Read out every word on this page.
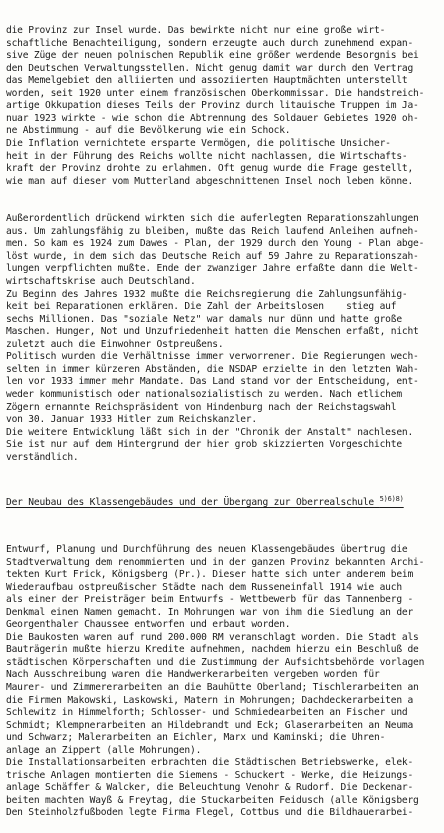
die Provinz zur Insel wurde. Das bewirkte nicht nur eine große wirt-
schaftliche Benachteiligung, sondern erzeugte auch durch zunehmend expan-
sive Züge der neuen polnischen Republik eine größer werdende Besorgnis bei
den Deutschen Verwaltungsstellen. Nicht genug damit war durch den Vertrag
das Memelgebiet den alliierten und assoziierten Hauptmächten unterstellt
worden, seit 1920 unter einem französischen Oberkommissar. Die handstreich-
artige Okkupation dieses Teils der Provinz durch litauische Truppen im Ja-
nuar 1923 wirkte - wie schon die Abtrennung des Soldauer Gebietes 1920 oh-
ne Abstimmung - auf die Bevölkerung wie ein Schock.
Die Inflation vernichtete ersparte Vermögen, die politische Unsicher-
heit in der Führung des Reichs wollte nicht nachlassen, die Wirtschafts-
kraft der Provinz drohte zu erlahmen. Oft genug wurde die Frage gestellt,
wie man auf dieser vom Mutterland abgeschnittenen Insel noch leben könne.

Außerordentlich drückend wirkten sich die auferlegten Reparationszahlungen
aus. Um zahlungsfähig zu bleiben, mußte das Reich laufend Anleihen aufneh-
men. So kam es 1924 zum Dawes - Plan, der 1929 durch den Young - Plan abge-
löst wurde, in dem sich das Deutsche Reich auf 59 Jahre zu Reparationszah-
lungen verpflichten mußte. Ende der zwanziger Jahre erfaßte dann die Welt-
wirtschaftskrise auch Deutschland.
Zu Beginn des Jahres 1932 mußte die Reichsregierung die Zahlungsunfähig-
keit bei Reparationen erklären. Die Zahl der Arbeitslosen    stieg auf
sechs Millionen. Das "soziale Netz" war damals nur dünn und hatte große
Maschen. Hunger, Not und Unzufriedenheit hatten die Menschen erfaßt, nicht
zuletzt auch die Einwohner Ostpreußens.
Politisch wurden die Verhältnisse immer verworrener. Die Regierungen wech-
selten in immer kürzeren Abständen, die NSDAP erzielte in den letzten Wah-
len vor 1933 immer mehr Mandate. Das Land stand vor der Entscheidung, ent-
weder kommunistisch oder nationalsozialistisch zu werden. Nach etlichem
Zögern ernannte Reichspräsident von Hindenburg nach der Reichstagswahl
von 30. Januar 1933 Hitler zum Reichskanzler.
Die weitere Entwicklung läßt sich in der "Chronik der Anstalt" nachlesen.
Sie ist nur auf dem Hintergrund der hier grob skizzierten Vorgeschichte
verständlich.

Der Neubau des Klassengebäudes und der Übergang zur Oberrealschule $^{5)6)8)}$

Entwurf, Planung und Durchführung des neuen Klassengebäudes übertrug die
Stadtverwaltung dem renommierten und in der ganzen Provinz bekannten Archi-
tekten Kurt Frick, Königsberg (Pr.). Dieser hatte sich unter anderem beim
Wiederaufbau ostpreußischer Städte nach dem Russeneinfall 1914 wie auch
als einer der Preisträger beim Entwurfs - Wettbewerb für das Tannenberg -
Denkmal einen Namen gemacht. In Mohrungen war von ihm die Siedlung an der
Georgenthaler Chaussee entworfen und erbaut worden.
Die Baukosten waren auf rund 200.000 RM veranschlagt worden. Die Stadt als
Bauträgerin mußte hierzu Kredite aufnehmen, nachdem hierzu ein Beschluß de
städtischen Körperschaften und die Zustimmung der Aufsichtsbehörde vorlagen
Nach Ausschreibung waren die Handwerkerarbeiten vergeben worden für
Maurer- und Zimmererarbeiten an die Bauhütte Oberland; Tischlerarbeiten an
die Firmen Makowski, Laskowski, Matern in Mohrungen; Dachdeckerarbeiten a
Schlewitz in Himmelforth; Schlosser- und Schmiedearbeiten an Fischer und
Schmidt; Klempnerarbeiten an Hildebrandt und Eck; Glaserarbeiten an Neuma
und Schwarz; Malerarbeiten an Eichler, Marx und Kaminski; die Uhren-
anlage an Zippert (alle Mohrungen).
Die Installationsarbeiten erbrachten die Städtischen Betriebswerke, elek-
trische Anlagen montierten die Siemens - Schuckert - Werke, die Heizungs-
anlage Schäffer & Walcker, die Beleuchtung Venohr & Rudorf. Die Deckenar-
beiten machten Wayß & Freytag, die Stuckarbeiten Feidusch (alle Königsberg
Den Steinholzfußboden legte Firma Flegel, Cottbus und die Bildhauerarbei-
